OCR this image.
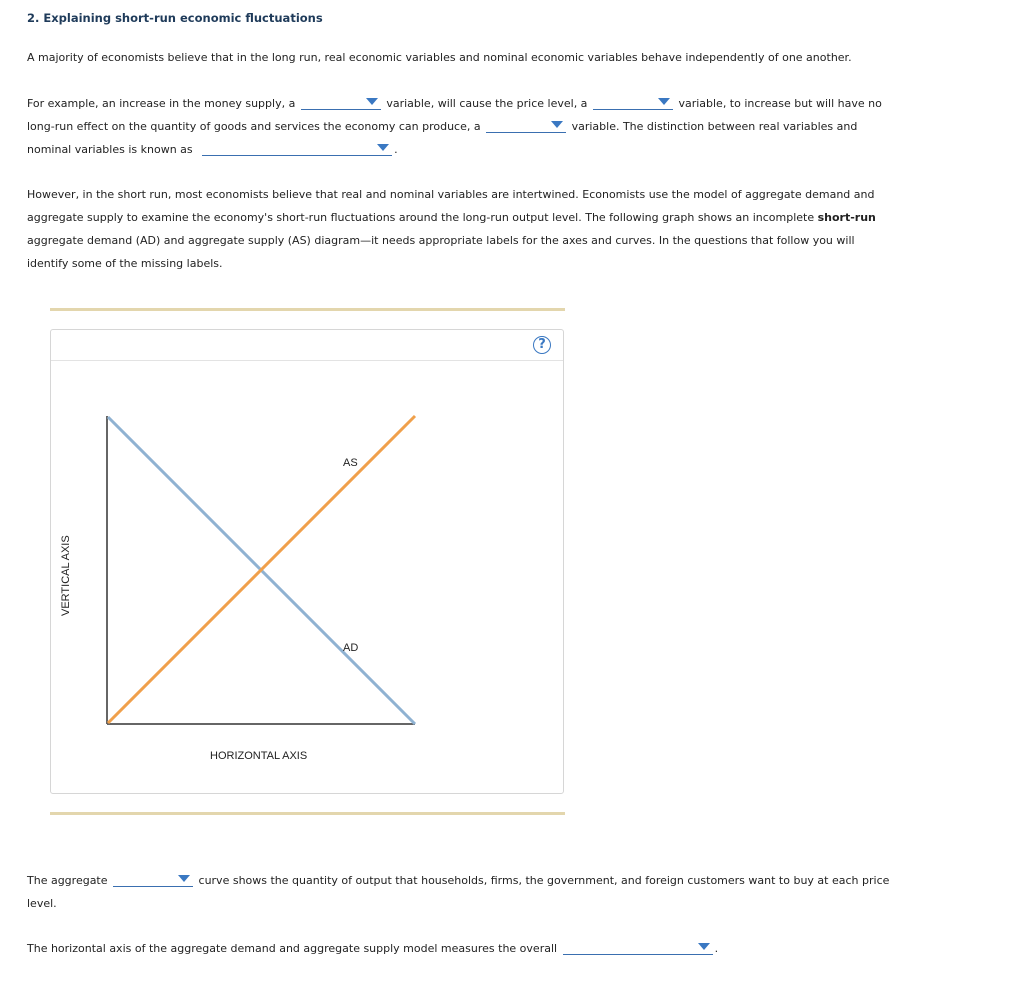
2. Explaining short-run economic fluctuations
A majority of economists believe that in the long run, real economic variables and nominal economic variables behave independently of one another.
For example, an increase in the money supply, a	variable, will cause the price level, a	variable, to increase but will have no long-run effect on the quantity of goods and services the economy can produce, a	variable. The distinction between real variables and nominal variables is known as	.
However, in the short run, most economists believe that real and nominal variables are intertwined. Economists use the model of aggregate demand and aggregate supply to examine the economy's short-run fluctuations around the long-run output level. The following graph shows an incomplete short-run aggregate demand (AD) and aggregate supply (AS) diagram—it needs appropriate labels for the axes and curves. In the questions that follow you will identify some of the missing labels.
?
AS
AD
HORIZONTAL AXIS
VERTICAL AXIS
The aggregate	curve shows the quantity of output that households, firms, the government, and foreign customers want to buy at each price level.
The horizontal axis of the aggregate demand and aggregate supply model measures the overall	.
